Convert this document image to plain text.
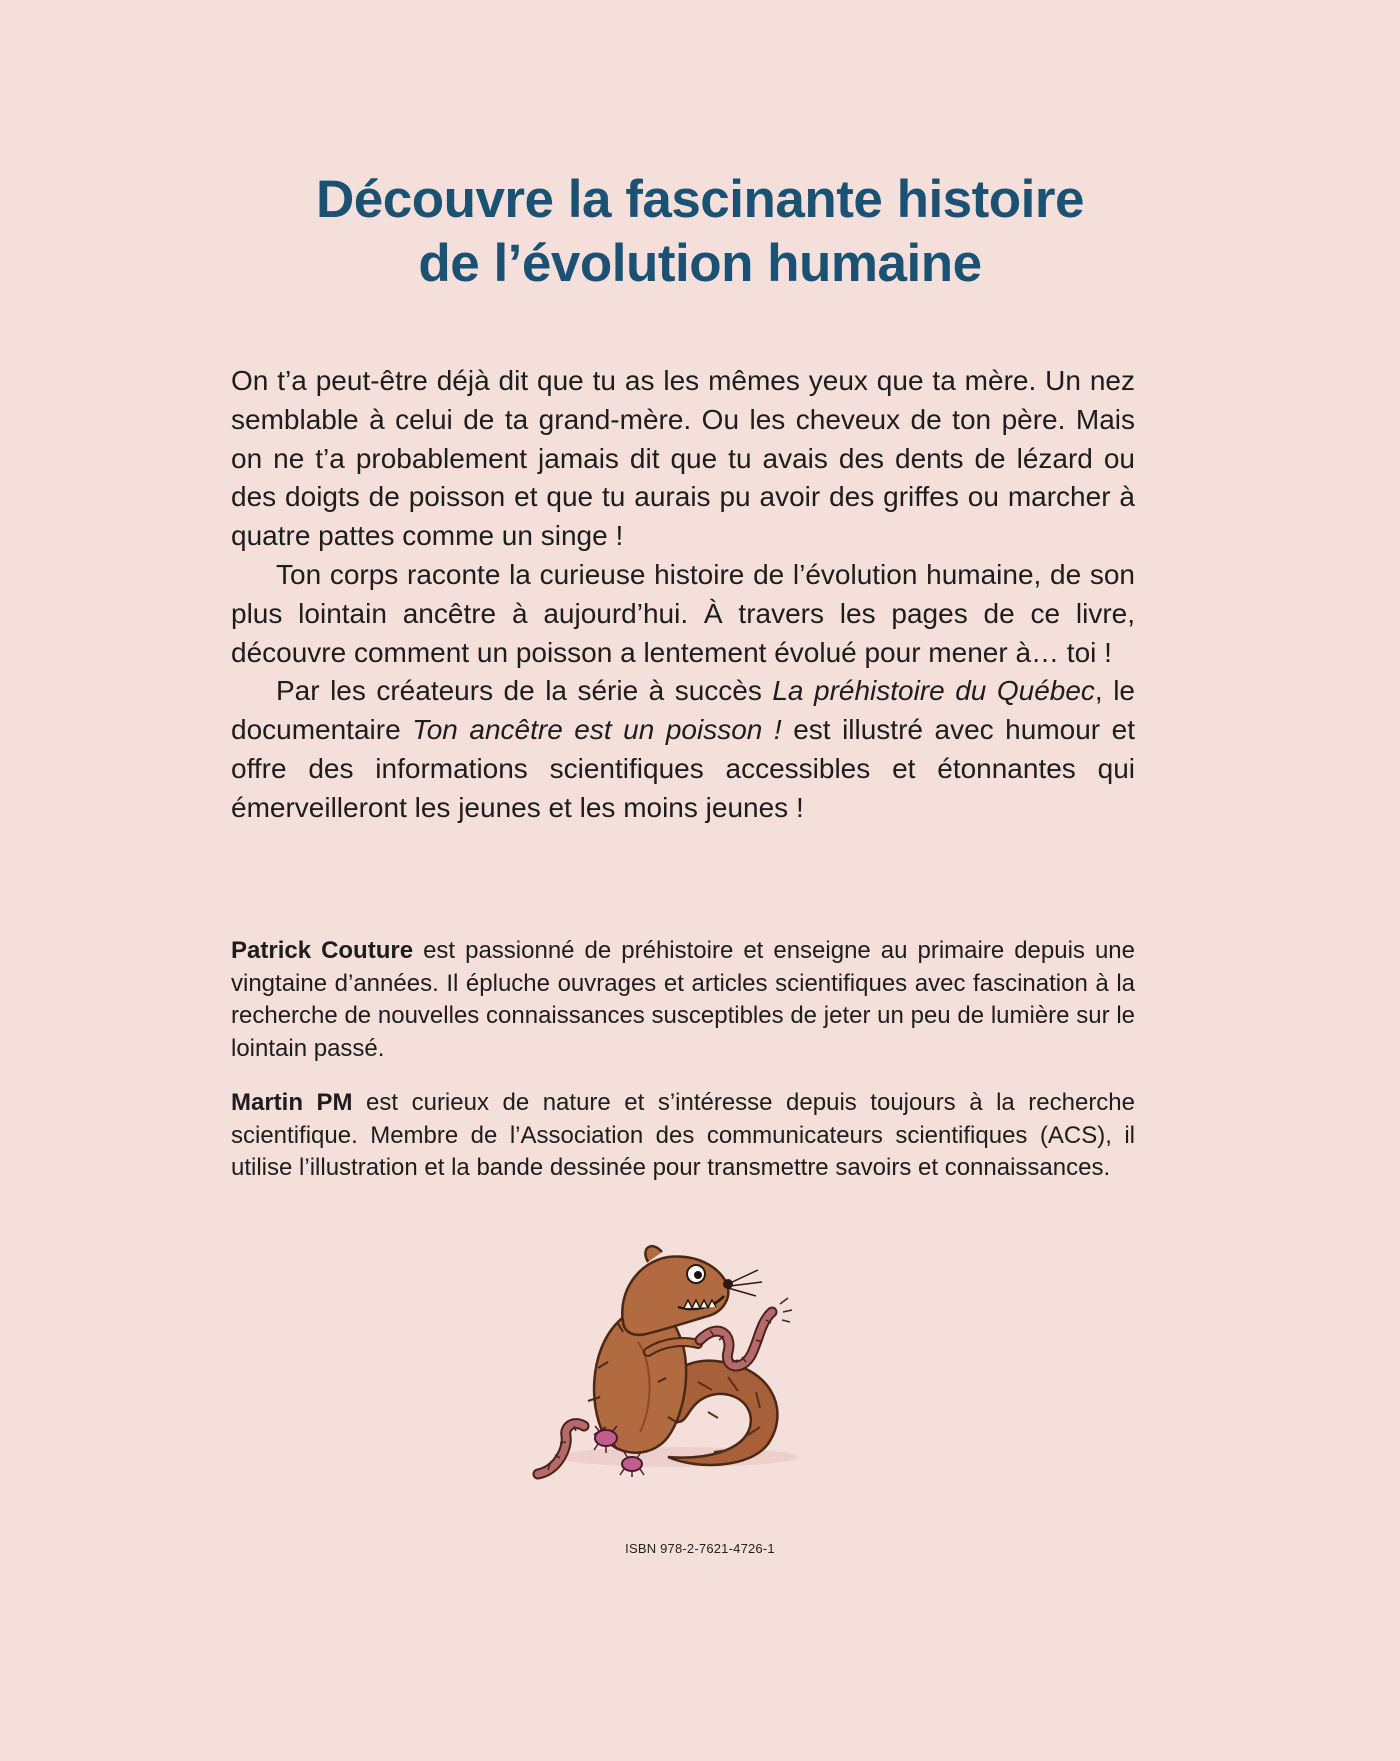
Découvre la fascinante histoire
de l’évolution humaine

On t’a peut-être déjà dit que tu as les mêmes yeux que ta mère. Un nez semblable à celui de ta grand-mère. Ou les cheveux de ton père. Mais on ne t’a probablement jamais dit que tu avais des dents de lézard ou des doigts de poisson et que tu aurais pu avoir des griffes ou marcher à quatre pattes comme un singe !

Ton corps raconte la curieuse histoire de l’évolution humaine, de son plus lointain ancêtre à aujourd’hui. À travers les pages de ce livre, découvre comment un poisson a lentement évolué pour mener à… toi !

Par les créateurs de la série à succès La préhistoire du Québec, le documentaire Ton ancêtre est un poisson ! est illustré avec humour et offre des informations scientifiques accessibles et étonnantes qui émerveilleront les jeunes et les moins jeunes !

Patrick Couture est passionné de préhistoire et enseigne au primaire depuis une vingtaine d’années. Il épluche ouvrages et articles scientifiques avec fascination à la recherche de nouvelles connaissances susceptibles de jeter un peu de lumière sur le lointain passé.

Martin PM est curieux de nature et s’intéresse depuis toujours à la recherche scientifique. Membre de l’Association des communicateurs scientifiques (ACS), il utilise l’illustration et la bande dessinée pour transmettre savoirs et connaissances.

ISBN 978-2-7621-4726-1
